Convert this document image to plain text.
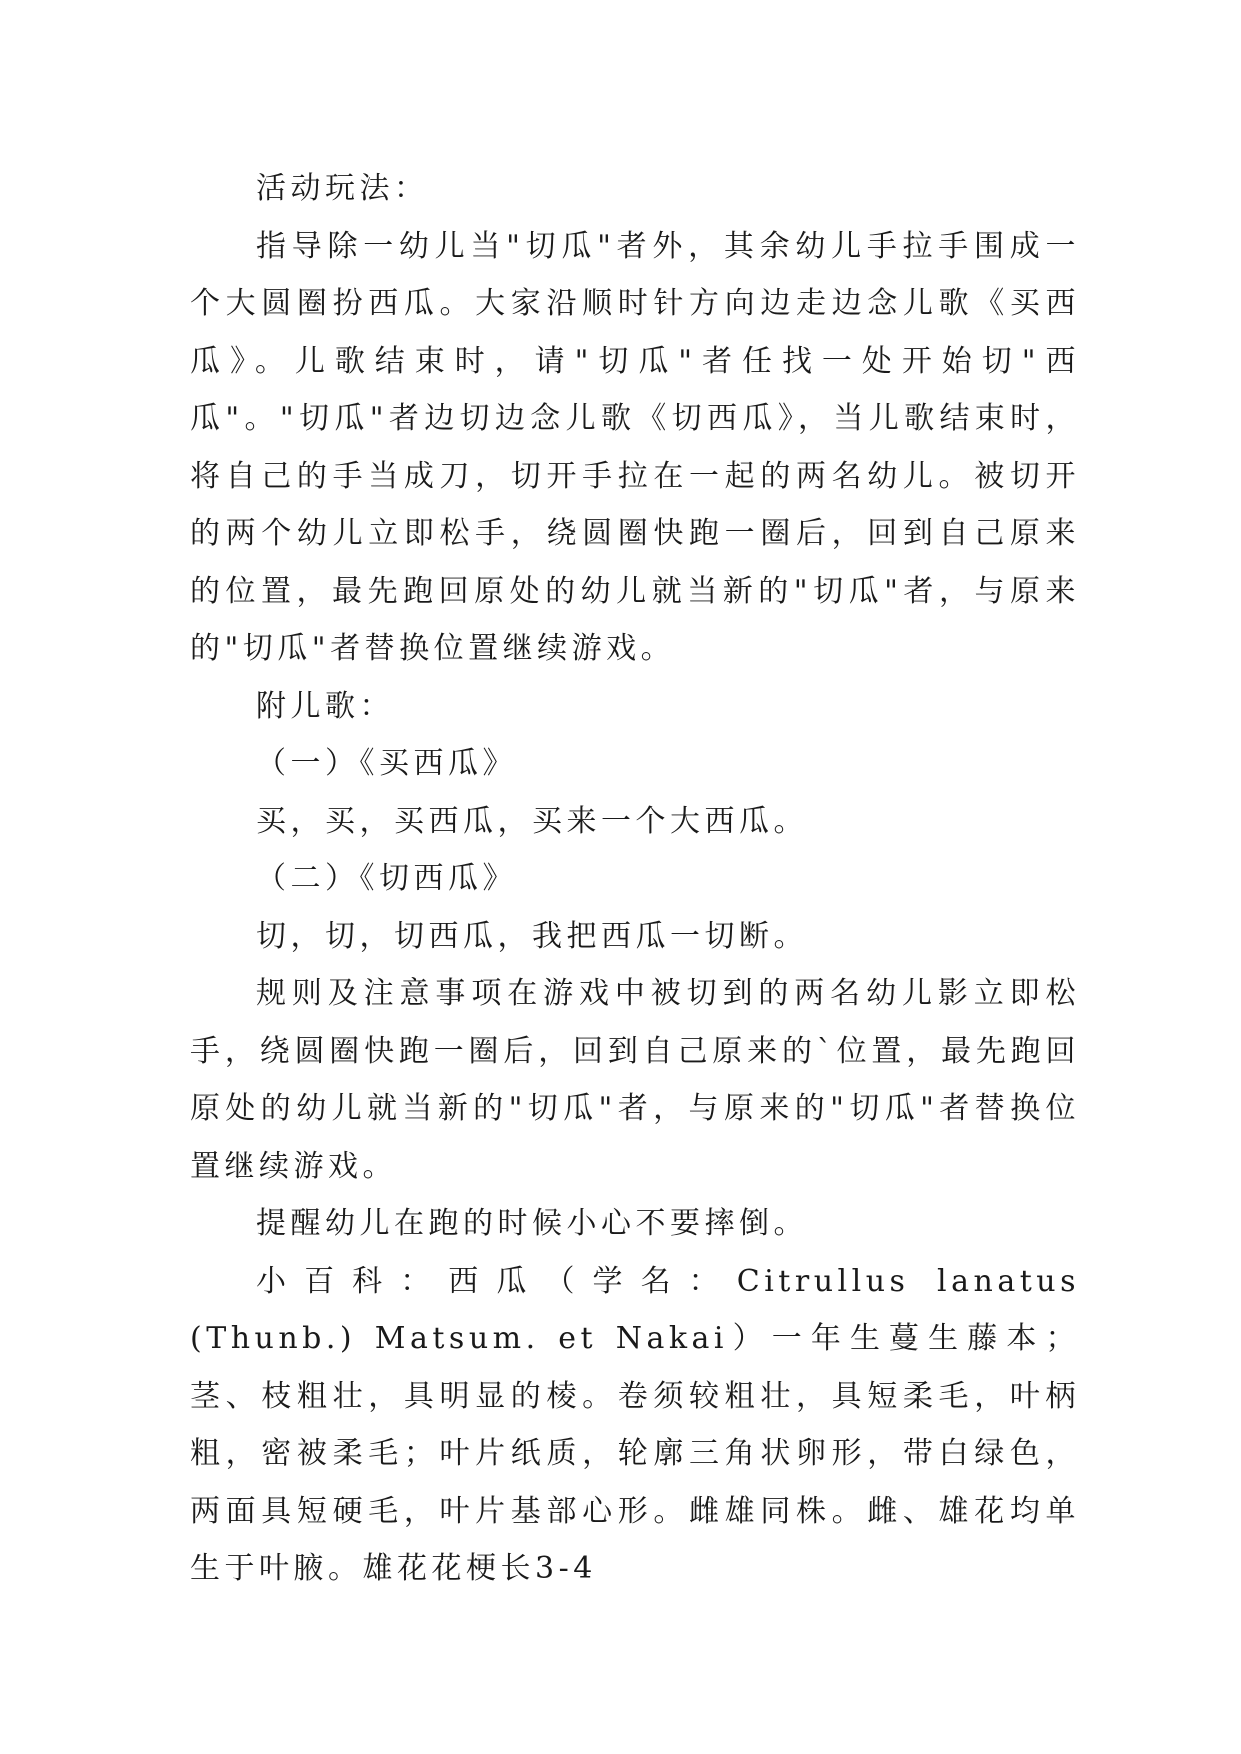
活动玩法：

指导除一幼儿当"切瓜"者外，其余幼儿手拉手围成一个大圆圈扮西瓜。大家沿顺时针方向边走边念儿歌《买西瓜》。儿歌结束时，请"切瓜"者任找一处开始切"西瓜"。"切瓜"者边切边念儿歌《切西瓜》，当儿歌结束时，将自己的手当成刀，切开手拉在一起的两名幼儿。被切开的两个幼儿立即松手，绕圆圈快跑一圈后，回到自己原来的位置，最先跑回原处的幼儿就当新的"切瓜"者，与原来的"切瓜"者替换位置继续游戏。

附儿歌：

（一）《买西瓜》

买，买，买西瓜，买来一个大西瓜。

（二）《切西瓜》

切，切，切西瓜，我把西瓜一切断。

规则及注意事项在游戏中被切到的两名幼儿影立即松手，绕圆圈快跑一圈后，回到自己原来的`位置，最先跑回原处的幼儿就当新的"切瓜"者，与原来的"切瓜"者替换位置继续游戏。

提醒幼儿在跑的时候小心不要摔倒。

小百科：西瓜（学名：Citrullus lanatus (Thunb.) Matsum. et Nakai）一年生蔓生藤本；茎、枝粗壮，具明显的棱。卷须较粗壮，具短柔毛，叶柄粗，密被柔毛；叶片纸质，轮廓三角状卵形，带白绿色，两面具短硬毛，叶片基部心形。雌雄同株。雌、雄花均单生于叶腋。雄花花梗长3-4
